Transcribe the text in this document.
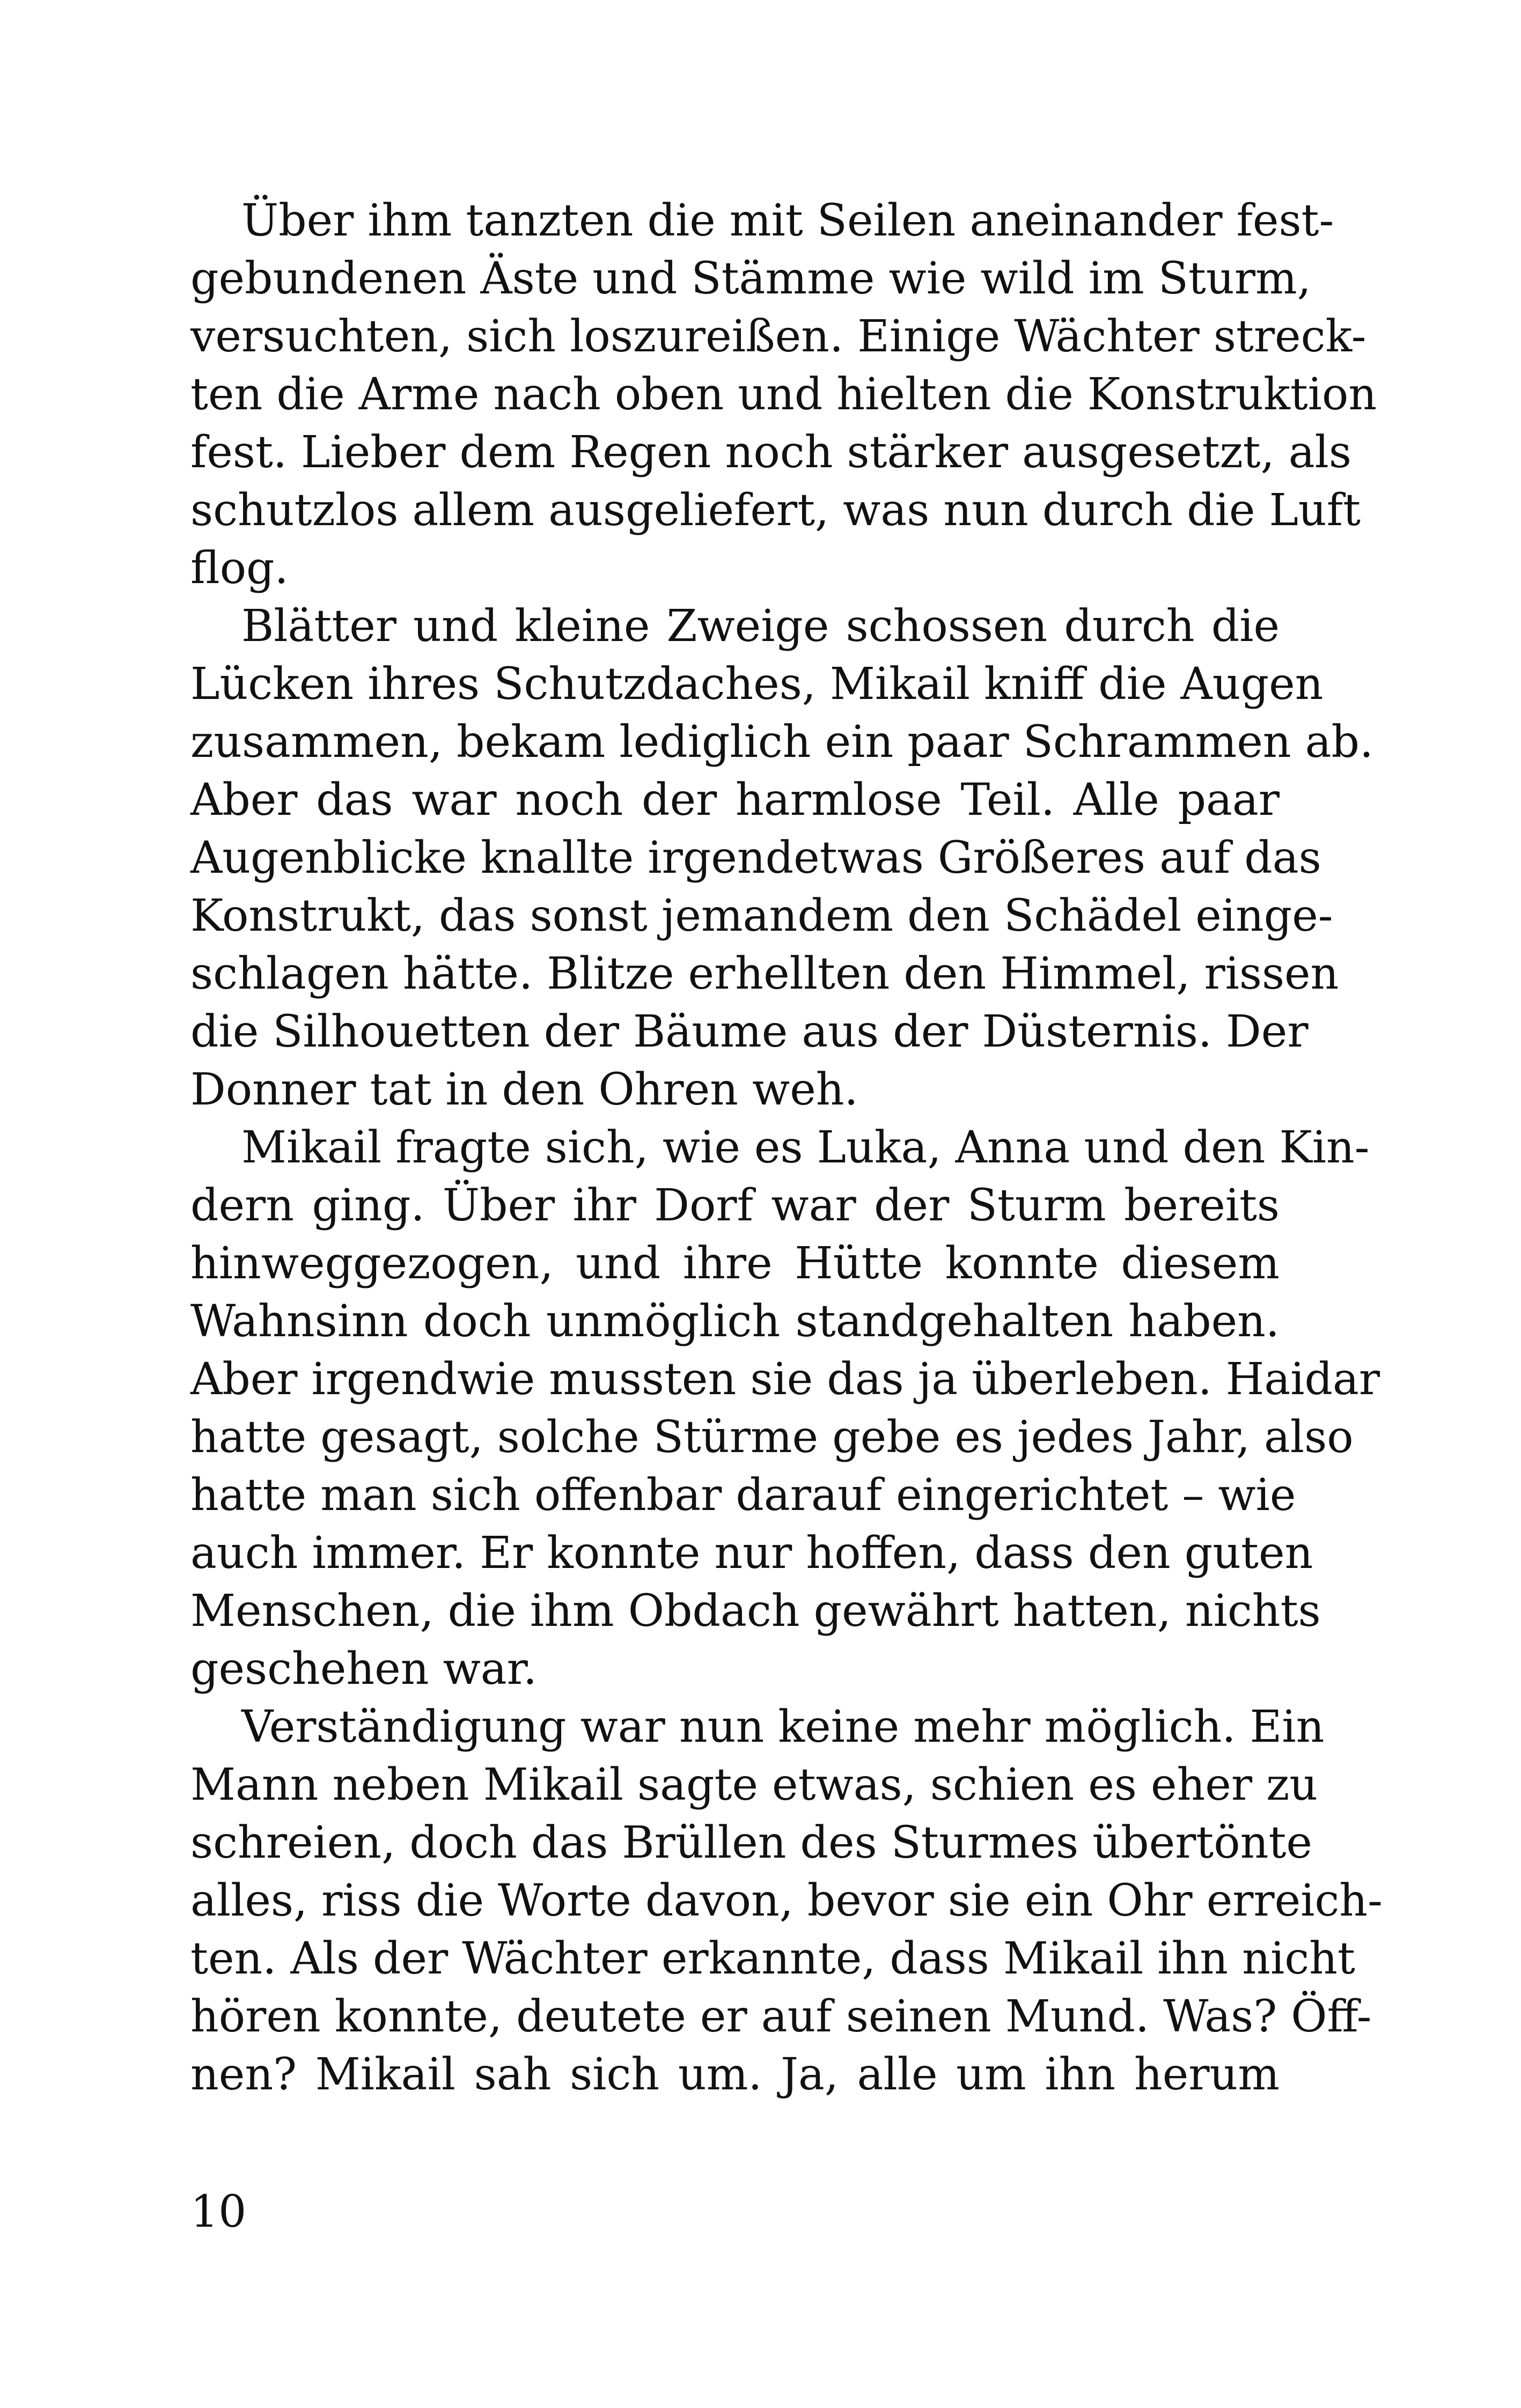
Über ihm tanzten die mit Seilen aneinander fest-
gebundenen Äste und Stämme wie wild im Sturm,
versuchten, sich loszureißen. Einige Wächter streck-
ten die Arme nach oben und hielten die Konstruktion
fest. Lieber dem Regen noch stärker ausgesetzt, als
schutzlos allem ausgeliefert, was nun durch die Luft
flog.
Blätter und kleine Zweige schossen durch die
Lücken ihres Schutzdaches, Mikail kniff die Augen
zusammen, bekam lediglich ein paar Schrammen ab.
Aber das war noch der harmlose Teil. Alle paar
Augenblicke knallte irgendetwas Größeres auf das
Konstrukt, das sonst jemandem den Schädel einge-
schlagen hätte. Blitze erhellten den Himmel, rissen
die Silhouetten der Bäume aus der Düsternis. Der
Donner tat in den Ohren weh.
Mikail fragte sich, wie es Luka, Anna und den Kin-
dern ging. Über ihr Dorf war der Sturm bereits
hinweggezogen, und ihre Hütte konnte diesem
Wahnsinn doch unmöglich standgehalten haben.
Aber irgendwie mussten sie das ja überleben. Haidar
hatte gesagt, solche Stürme gebe es jedes Jahr, also
hatte man sich offenbar darauf eingerichtet – wie
auch immer. Er konnte nur hoffen, dass den guten
Menschen, die ihm Obdach gewährt hatten, nichts
geschehen war.
Verständigung war nun keine mehr möglich. Ein
Mann neben Mikail sagte etwas, schien es eher zu
schreien, doch das Brüllen des Sturmes übertönte
alles, riss die Worte davon, bevor sie ein Ohr erreich-
ten. Als der Wächter erkannte, dass Mikail ihn nicht
hören konnte, deutete er auf seinen Mund. Was? Öff-
nen? Mikail sah sich um. Ja, alle um ihn herum
10
